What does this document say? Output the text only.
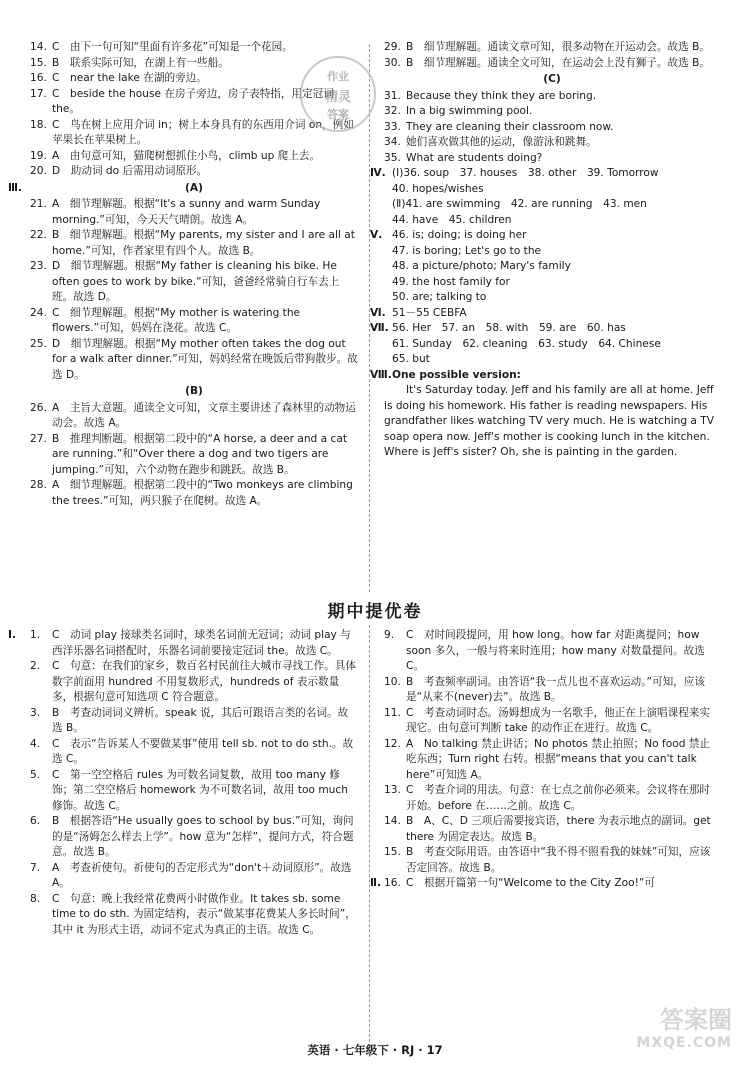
14. C　由下一句可知“里面有许多花”可知是一个花园。
15. B　联系实际可知，在湖上有一些船。
16. C　near the lake 在湖的旁边。
17. C　beside the house 在房子旁边，房子表特指，用定冠词 the。
18. C　鸟在树上应用介词 in；树上本身具有的东西用介词 on，例如苹果长在苹果树上。
19. A　由句意可知，猫爬树想抓住小鸟，climb up 爬上去。
20. D　助动词 do 后需用动词原形。
Ⅲ.	(A)
21. A　细节理解题。根据“It's a sunny and warm Sunday morning.”可知，今天天气晴朗。故选 A。
22. B　细节理解题。根据“My parents, my sister and I are all at home.”可知，作者家里有四个人。故选 B。
23. D　细节理解题。根据“My father is cleaning his bike. He often goes to work by bike.”可知，爸爸经常骑自行车去上班。故选 D。
24. C　细节理解题。根据“My mother is watering the flowers.”可知，妈妈在浇花。故选 C。
25. D　细节理解题。根据“My mother often takes the dog out for a walk after dinner.”可知，妈妈经常在晚饭后带狗散步。故选 D。
(B)
26. A　主旨大意题。通读全文可知，文章主要讲述了森林里的动物运动会。故选 A。
27. B　推理判断题。根据第二段中的“A horse, a deer and a cat are running.”和“Over there a dog and two tigers are jumping.”可知，六个动物在跑步和跳跃。故选 B。
28. A　细节理解题。根据第二段中的“Two monkeys are climbing the trees.”可知，两只猴子在爬树。故选 A。
29. B　细节理解题。通读文章可知，很多动物在开运动会。故选 B。
30. B　细节理解题。通读全文可知，在运动会上没有狮子。故选 B。
(C)
31. Because they think they are boring.
32. In a big swimming pool.
33. They are cleaning their classroom now.
34. 她们喜欢做其他的运动，像游泳和跳舞。
35. What are students doing?
Ⅳ. (Ⅰ)36. soup　37. houses　38. other　39. Tomorrow
40. hopes/wishes
(Ⅱ)41. are swimming　42. are running　43. men
44. have　45. children
Ⅴ. 46. is; doing; is doing her
47. is boring; Let's go to the
48. a picture/photo; Mary's family
49. the host family for
50. are; talking to
Ⅵ. 51－55 CEBFA
Ⅶ. 56. Her　57. an　58. with　59. are　60. has
61. Sunday　62. cleaning　63. study　64. Chinese
65. but
Ⅷ. One possible version:

It's Saturday today. Jeff and his family are all at home. Jeff is doing his homework. His father is reading newspapers. His grandfather likes watching TV very much. He is watching a TV soap opera now. Jeff's mother is cooking lunch in the kitchen. Where is Jeff's sister? Oh, she is painting in the garden.

作业
精灵
答案
期中提优卷
Ⅰ. 1. C　动词 play 接球类名词时，球类名词前无冠词；动词 play 与西洋乐器名词搭配时，乐器名词前要接定冠词 the。故选 C。
2. C　句意：在我们的家乡，数百名村民前往大城市寻找工作。具体数字前面用 hundred 不用复数形式，hundreds of 表示数量多，根据句意可知选项 C 符合题意。
3. B　考查动词词义辨析。speak 说，其后可跟语言类的名词。故选 B。
4. C　表示“告诉某人不要做某事”使用 tell sb. not to do sth.。故选 C。
5. C　第一空空格后 rules 为可数名词复数，故用 too many 修饰；第二空空格后 homework 为不可数名词，故用 too much 修饰。故选 C。
6. B　根据答语“He usually goes to school by bus.”可知，询问的是“汤姆怎么样去上学”。how 意为“怎样”，提问方式，符合题意。故选 B。
7. A　考查祈使句。祈使句的否定形式为“don't＋动词原形”。故选 A。
8. C　句意：晚上我经常花费两小时做作业。It takes sb. some time to do sth. 为固定结构，表示“做某事花费某人多长时间”，其中 it 为形式主语，动词不定式为真正的主语。故选 C。
9. C　对时间段提问，用 how long。how far 对距离提问；how soon 多久，一般与将来时连用；how many 对数量提问。故选 C。
10. B　考查频率副词。由答语“我一点儿也不喜欢运动。”可知，应该是“从来不(never)去”。故选 B。
11. C　考查动词时态。汤姆想成为一名歌手，他正在上演唱课程来实现它。由句意可判断 take 的动作正在进行。故选 C。
12. A　No talking 禁止讲话；No photos 禁止拍照；No food 禁止吃东西；Turn right 右转。根据“means that you can't talk here”可知选 A。
13. C　考查介词的用法。句意：在七点之前你必须来。会议将在那时开始。before 在……之前。故选 C。
14. B　A、C、D 三项后需要接宾语，there 为表示地点的副词。get there 为固定表达。故选 B。
15. B　考查交际用语。由答语中“我不得不照看我的妹妹”可知，应该否定回答。故选 B。
Ⅱ. 16. C　根据开篇第一句“Welcome to the City Zoo!”可
英语 · 七年级下 · RJ · 17
答案圈
MXQE.COM
